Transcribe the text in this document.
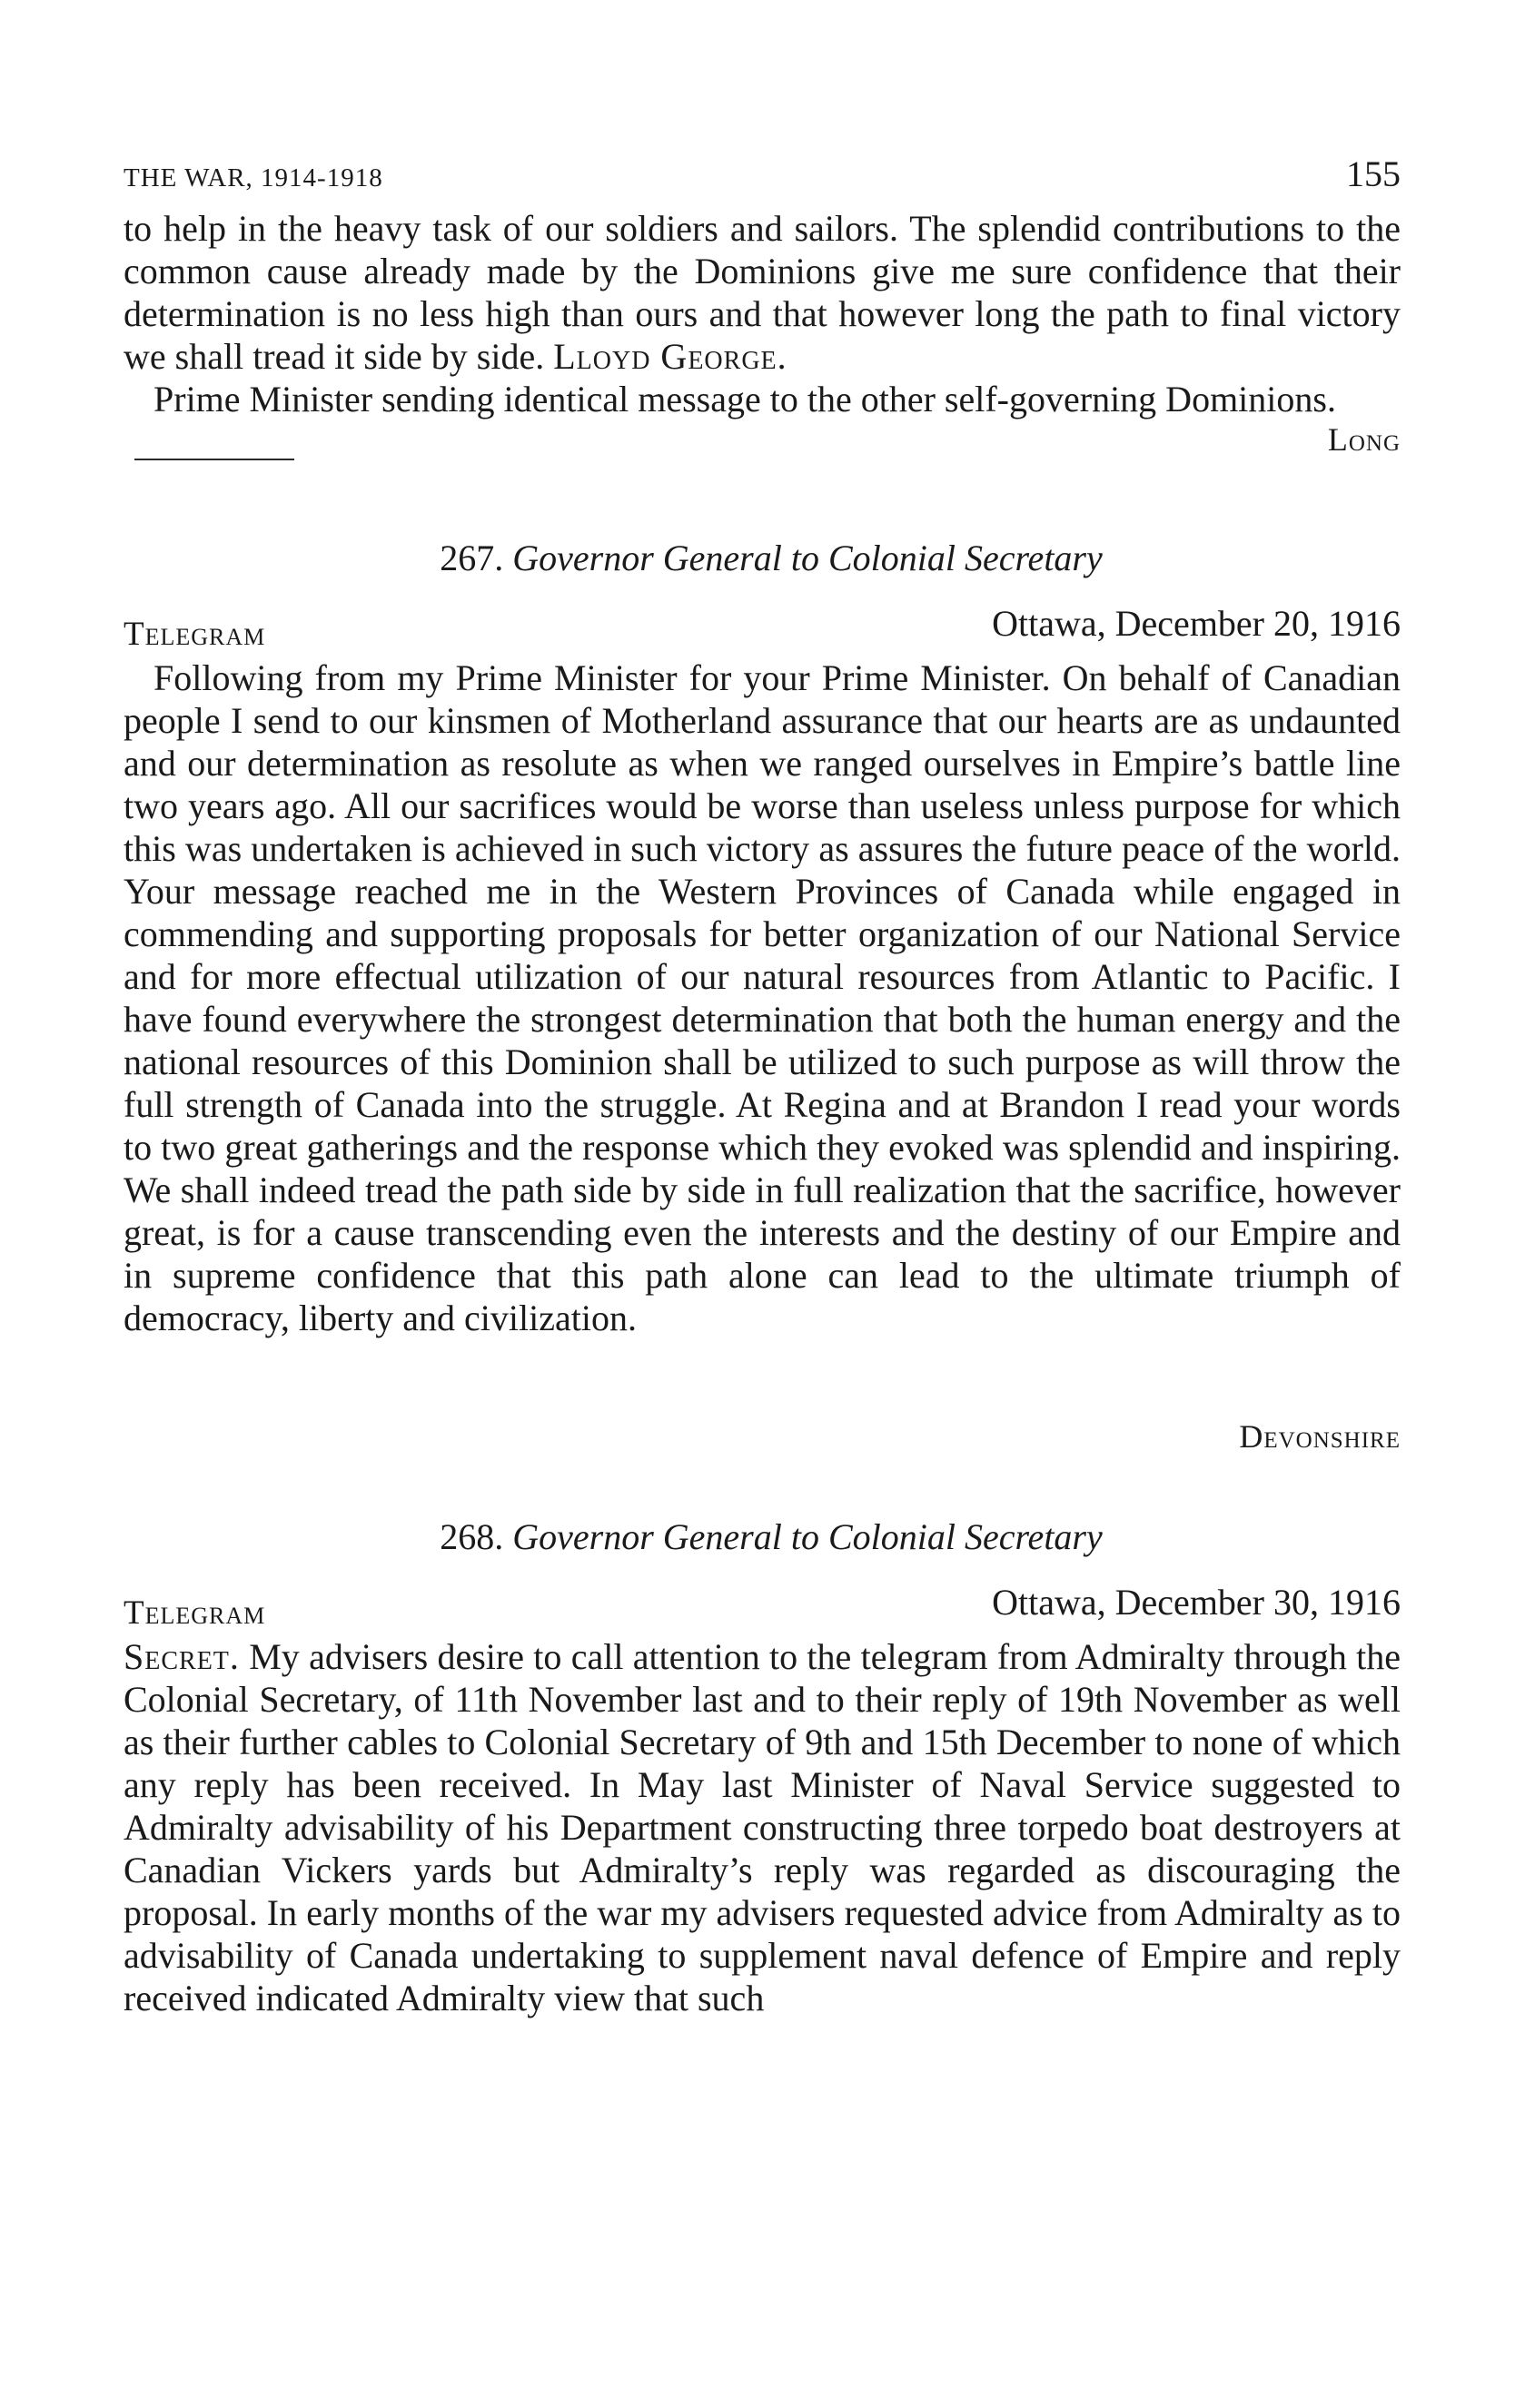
THE WAR, 1914-1918	155

to help in the heavy task of our soldiers and sailors. The splendid contributions to the common cause already made by the Dominions give me sure confidence that their determination is no less high than ours and that however long the path to final victory we shall tread it side by side. Lloyd George.

Prime Minister sending identical message to the other self-governing Dominions.

Long
267. Governor General to Colonial Secretary
Telegram	Ottawa, December 20, 1916

Following from my Prime Minister for your Prime Minister. On behalf of Canadian people I send to our kinsmen of Motherland assurance that our hearts are as undaunted and our determination as resolute as when we ranged ourselves in Empire’s battle line two years ago. All our sacrifices would be worse than useless unless purpose for which this was undertaken is achieved in such victory as assures the future peace of the world. Your message reached me in the Western Provinces of Canada while engaged in commending and supporting proposals for better organization of our National Service and for more effectual utilization of our natural resources from Atlantic to Pacific. I have found everywhere the strongest determination that both the human energy and the national resources of this Dominion shall be utilized to such purpose as will throw the full strength of Canada into the struggle. At Regina and at Brandon I read your words to two great gatherings and the response which they evoked was splendid and inspiring. We shall indeed tread the path side by side in full realization that the sacrifice, however great, is for a cause transcending even the interests and the destiny of our Empire and in supreme confidence that this path alone can lead to the ultimate triumph of democracy, liberty and civilization.

Devonshire
268. Governor General to Colonial Secretary
Telegram	Ottawa, December 30, 1916

Secret. My advisers desire to call attention to the telegram from Admiralty through the Colonial Secretary, of 11th November last and to their reply of 19th November as well as their further cables to Colonial Secretary of 9th and 15th December to none of which any reply has been received. In May last Minister of Naval Service suggested to Admiralty advisability of his Department constructing three torpedo boat destroyers at Canadian Vickers yards but Admiralty’s reply was regarded as discouraging the proposal. In early months of the war my advisers requested advice from Admiralty as to advisability of Canada undertaking to supplement naval defence of Empire and reply received indicated Admiralty view that such
